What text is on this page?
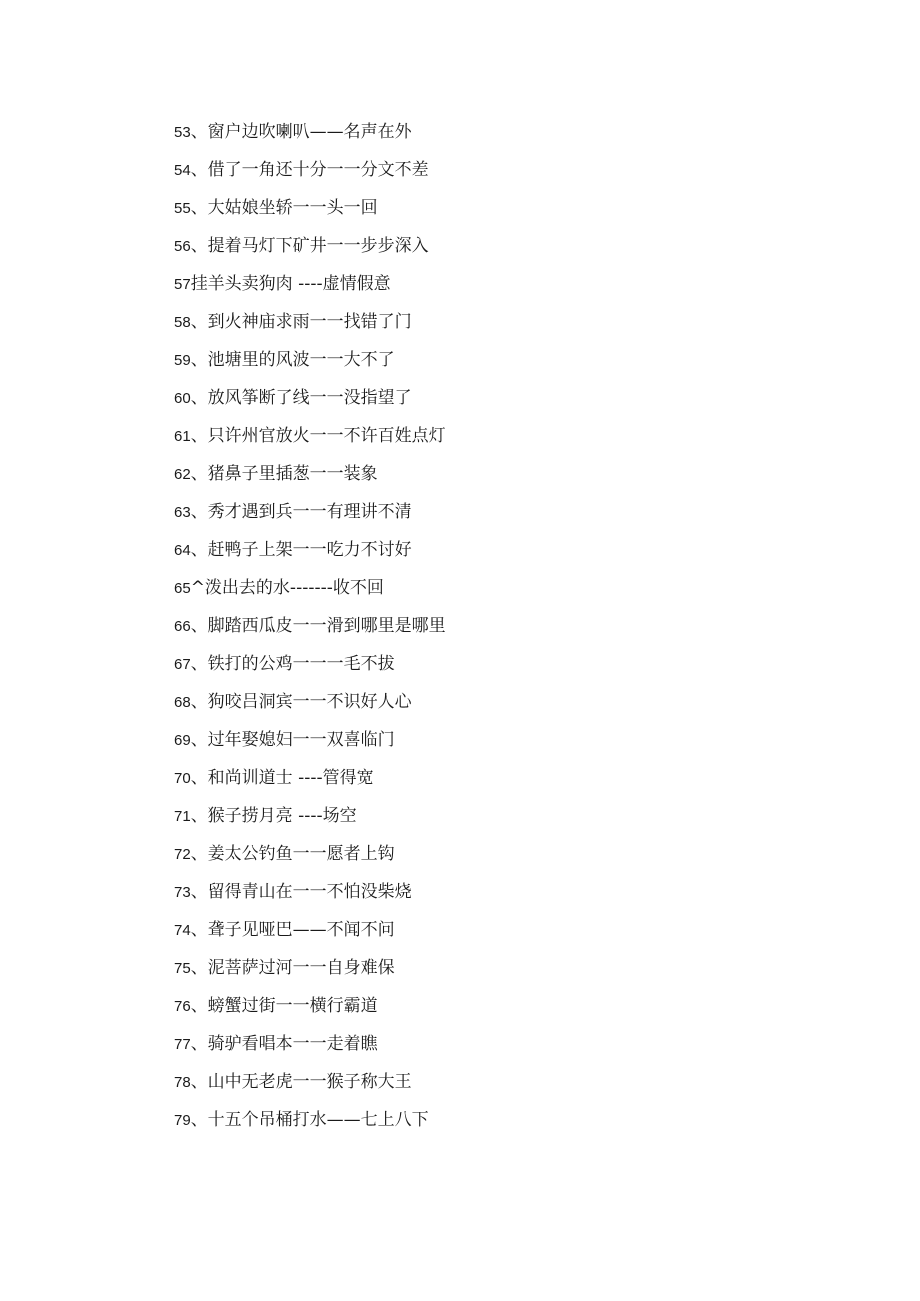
53、窗户边吹喇叭——名声在外
54、借了一角还十分一一分文不差
55、大姑娘坐轿一一头一回
56、提着马灯下矿井一一步步深入
57挂羊头卖狗肉 ----虚情假意
58、到火神庙求雨一一找错了门
59、池塘里的风波一一大不了
60、放风筝断了线一一没指望了
61、只许州官放火一一不许百姓点灯
62、猪鼻子里插葱一一装象
63、秀才遇到兵一一有理讲不清
64、赶鸭子上架一一吃力不讨好
65^泼出去的水-------收不回
66、脚踏西瓜皮一一滑到哪里是哪里
67、铁打的公鸡一一一毛不拔
68、狗咬吕洞宾一一不识好人心
69、过年娶媳妇一一双喜临门
70、和尚训道士 ----管得宽
71、猴子捞月亮 ----场空
72、姜太公钓鱼一一愿者上钩
73、留得青山在一一不怕没柴烧
74、聋子见哑巴——不闻不问
75、泥菩萨过河一一自身难保
76、螃蟹过街一一横行霸道
77、骑驴看唱本一一走着瞧
78、山中无老虎一一猴子称大王
79、十五个吊桶打水——七上八下
